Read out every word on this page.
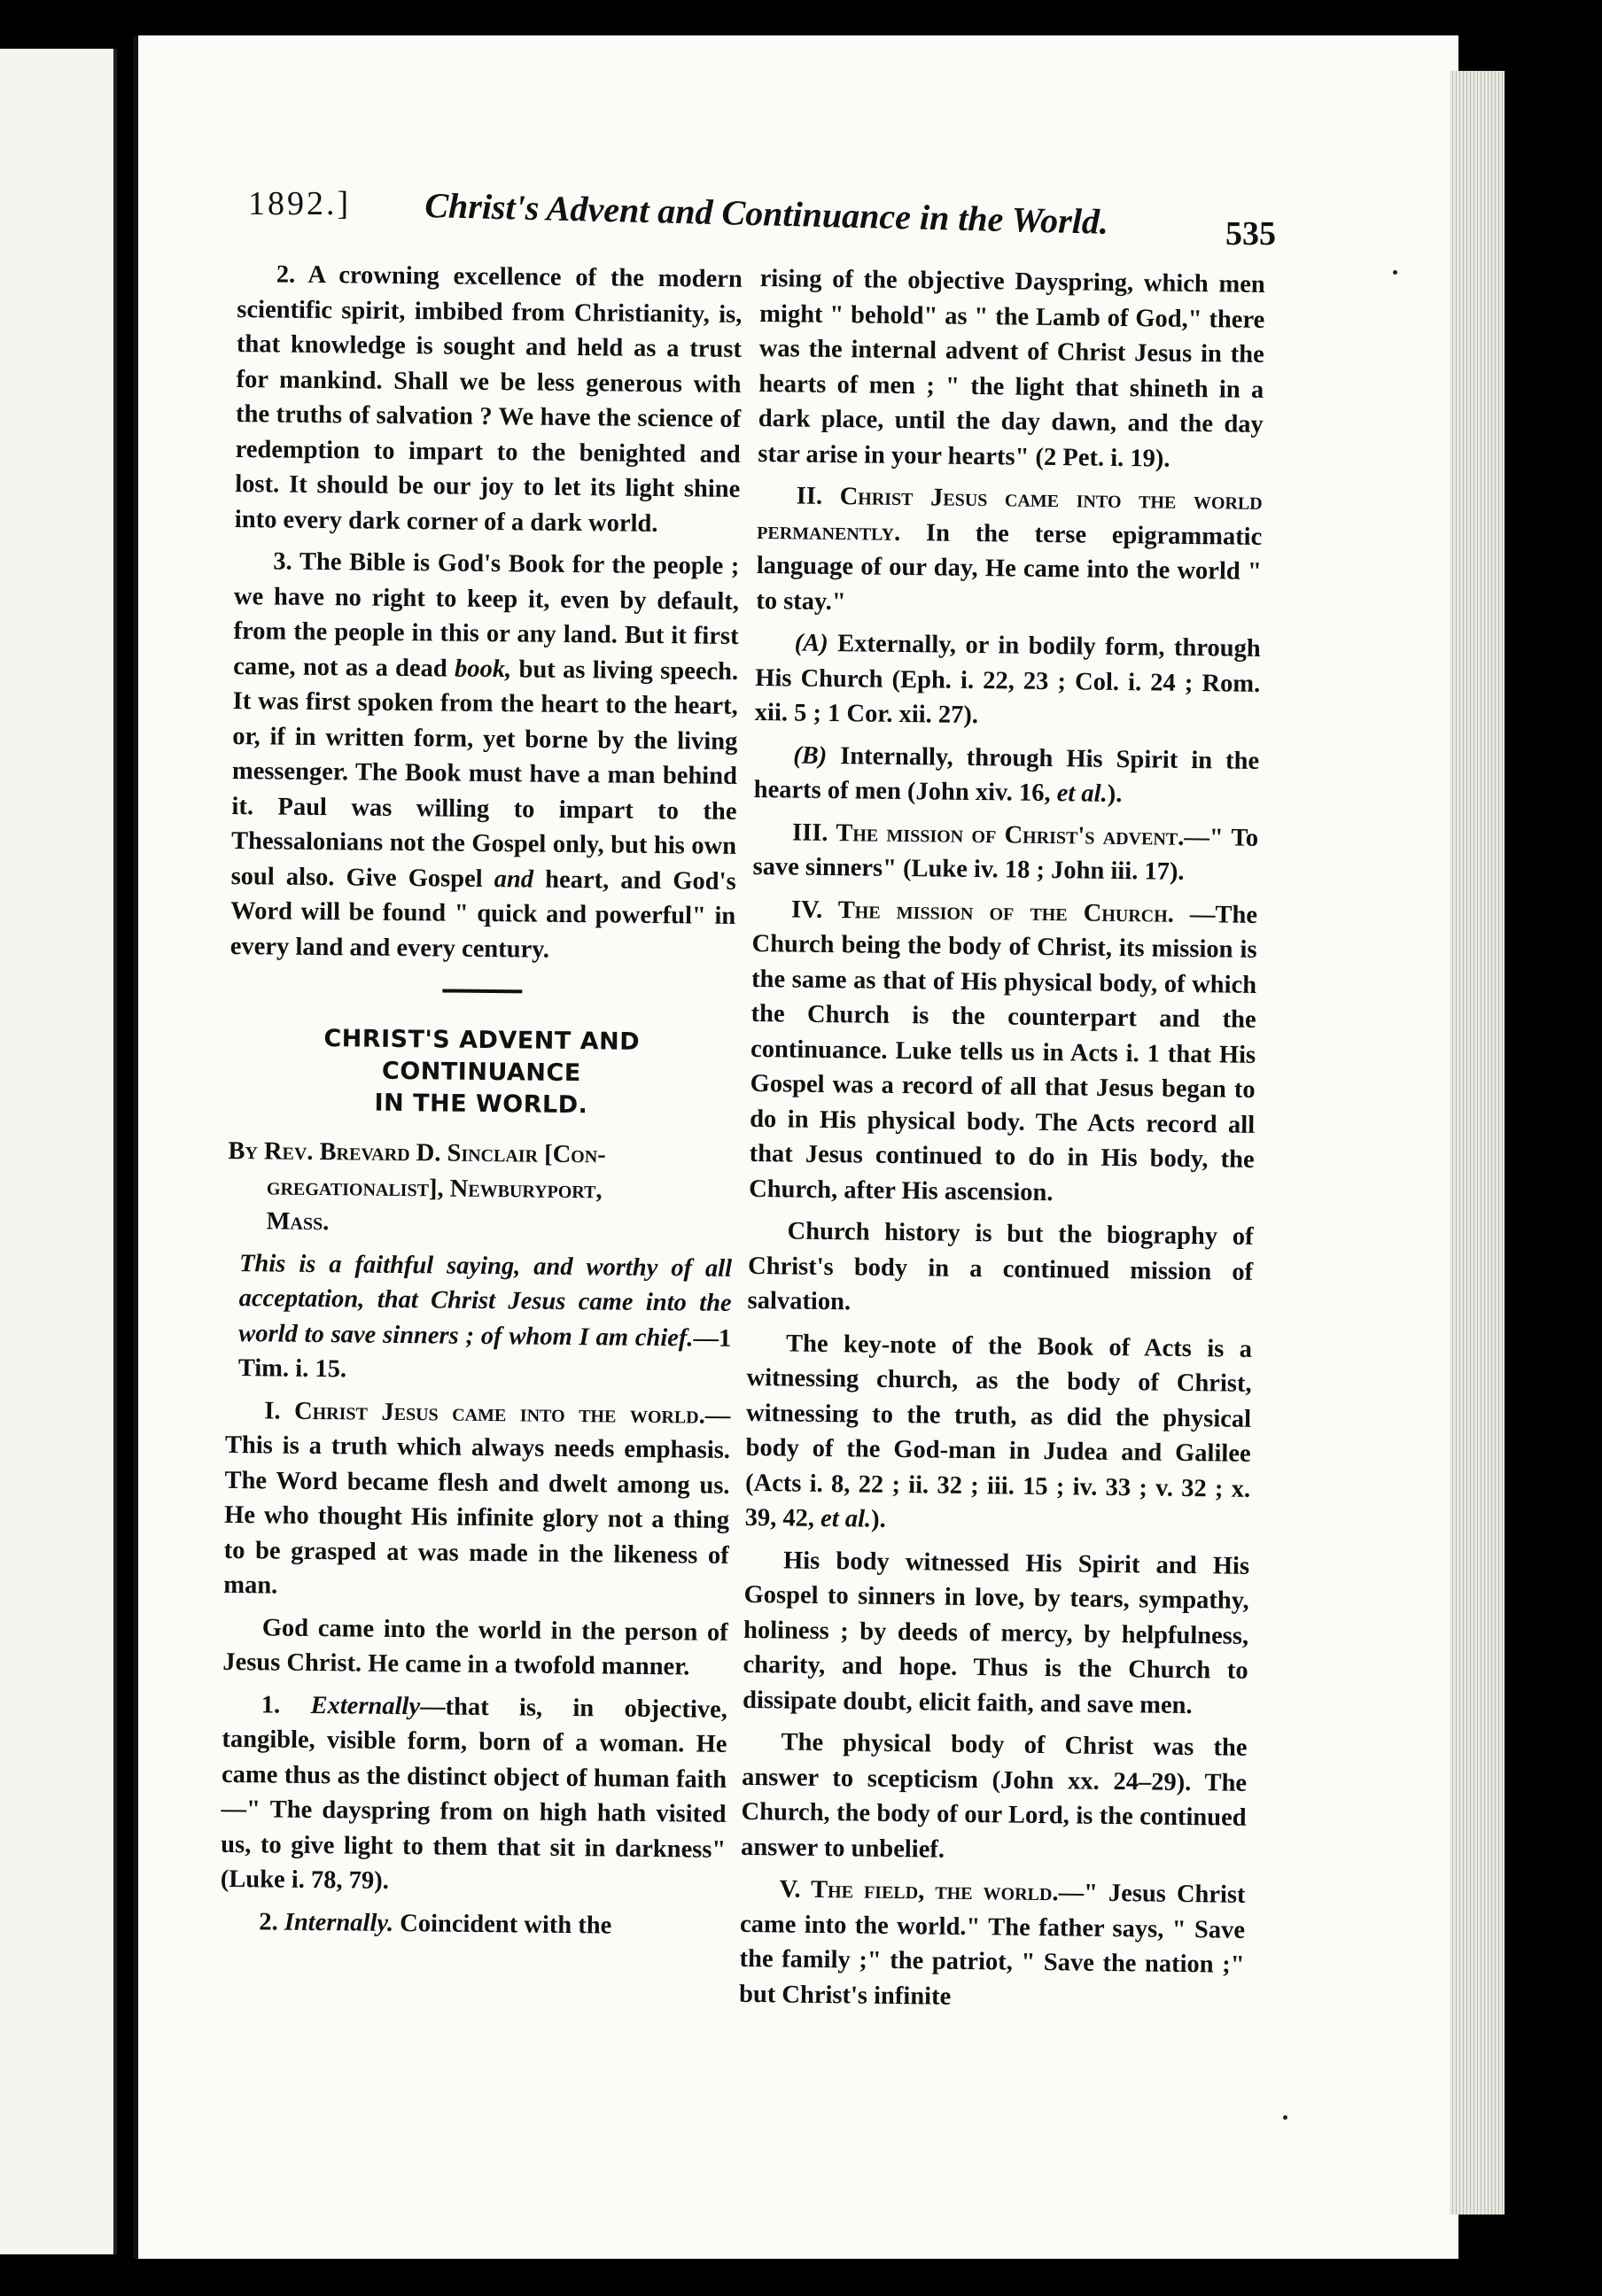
1892.] Christ's Advent and Continuance in the World.	535

2. A crowning excellence of the modern scientific spirit, imbibed from Christianity, is, that knowledge is sought and held as a trust for mankind. Shall we be less generous with the truths of salvation ? We have the science of redemption to impart to the benighted and lost. It should be our joy to let its light shine into every dark corner of a dark world.

3. The Bible is God's Book for the people ; we have no right to keep it, even by default, from the people in this or any land. But it first came, not as a dead book, but as living speech. It was first spoken from the heart to the heart, or, if in written form, yet borne by the living messenger. The Book must have a man behind it. Paul was willing to impart to the Thessalonians not the Gospel only, but his own soul also. Give Gospel and heart, and God's Word will be found " quick and powerful" in every land and every century.

CHRIST'S ADVENT AND CONTINUANCE
IN THE WORLD.

By Rev. Brevard D. Sinclair [Con-
gregationalist], Newburyport,
Mass.

This is a faithful saying, and worthy of all acceptation, that Christ Jesus came into the world to save sinners ; of whom I am chief.—1 Tim. i. 15.

I. Christ Jesus came into the world.—This is a truth which always needs emphasis. The Word became flesh and dwelt among us. He who thought His infinite glory not a thing to be grasped at was made in the likeness of man.

God came into the world in the person of Jesus Christ. He came in a twofold manner.

1. Externally—that is, in objective, tangible, visible form, born of a woman. He came thus as the distinct object of human faith—" The dayspring from on high hath visited us, to give light to them that sit in darkness" (Luke i. 78, 79).

2. Internally. Coincident with the

rising of the objective Dayspring, which men might " behold" as " the Lamb of God," there was the internal advent of Christ Jesus in the hearts of men ; " the light that shineth in a dark place, until the day dawn, and the day star arise in your hearts" (2 Pet. i. 19).

II. Christ Jesus came into the world permanently. In the terse epigrammatic language of our day, He came into the world " to stay."

(A) Externally, or in bodily form, through His Church (Eph. i. 22, 23 ; Col. i. 24 ; Rom. xii. 5 ; 1 Cor. xii. 27).

(B) Internally, through His Spirit in the hearts of men (John xiv. 16, et al.).

III. The mission of Christ's advent.—" To save sinners" (Luke iv. 18 ; John iii. 17).

IV. The mission of the Church. —The Church being the body of Christ, its mission is the same as that of His physical body, of which the Church is the counterpart and the continuance. Luke tells us in Acts i. 1 that His Gospel was a record of all that Jesus began to do in His physical body. The Acts record all that Jesus continued to do in His body, the Church, after His ascension.

Church history is but the biography of Christ's body in a continued mission of salvation.

The key-note of the Book of Acts is a witnessing church, as the body of Christ, witnessing to the truth, as did the physical body of the God-man in Judea and Galilee (Acts i. 8, 22 ; ii. 32 ; iii. 15 ; iv. 33 ; v. 32 ; x. 39, 42, et al.).

His body witnessed His Spirit and His Gospel to sinners in love, by tears, sympathy, holiness ; by deeds of mercy, by helpfulness, charity, and hope. Thus is the Church to dissipate doubt, elicit faith, and save men.

The physical body of Christ was the answer to scepticism (John xx. 24–29). The Church, the body of our Lord, is the continued answer to unbelief.

V. The field, the world.—" Jesus Christ came into the world." The father says, " Save the family ;" the patriot, " Save the nation ;" but Christ's infinite
